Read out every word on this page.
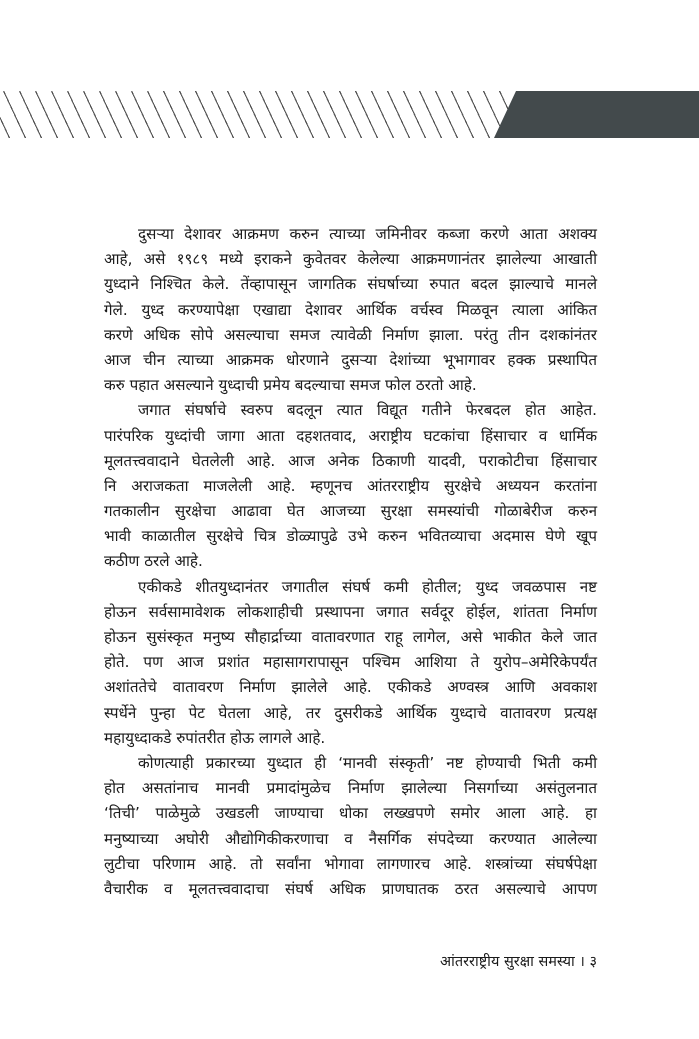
प्रस्तावना
दुसऱ्या देशावर आक्रमण करुन त्याच्या जमिनीवर कब्जा करणे आता अशक्य
आहे, असे १९८९ मध्ये इराकने कुवेतवर केलेल्या आक्रमणानंतर झालेल्या आखाती
युध्दाने निश्चित केले. तेंव्हापासून जागतिक संघर्षाच्या रुपात बदल झाल्याचे मानले
गेले. युध्द करण्यापेक्षा एखाद्या देशावर आर्थिक वर्चस्व मिळवून त्याला आंकित
करणे अधिक सोपे असल्याचा समज त्यावेळी निर्माण झाला. परंतु तीन दशकांनंतर
आज चीन त्याच्या आक्रमक धोरणाने दुसऱ्या देशांच्या भूभागावर हक्क प्रस्थापित
करु पहात असल्याने युध्दाची प्रमेय बदल्याचा समज फोल ठरतो आहे.
जगात संघर्षाचे स्वरुप बदलून त्यात विद्यूत गतीने फेरबदल होत आहेत.
पारंपरिक युध्दांची जागा आता दहशतवाद, अराष्ट्रीय घटकांचा हिंसाचार व धार्मिक
मूलतत्त्ववादाने घेतलेली आहे. आज अनेक ठिकाणी यादवी, पराकोटीचा हिंसाचार
नि अराजकता माजलेली आहे. म्हणूनच आंतरराष्ट्रीय सुरक्षेचे अध्ययन करतांना
गतकालीन सुरक्षेचा आढावा घेत आजच्या सुरक्षा समस्यांची गोळाबेरीज करुन
भावी काळातील सुरक्षेचे चित्र डोळ्यापुढे उभे करुन भवितव्याचा अदमास घेणे खूप
कठीण ठरले आहे.
एकीकडे शीतयुध्दानंतर जगातील संघर्ष कमी होतील; युध्द जवळपास नष्ट
होऊन सर्वसामावेशक लोकशाहीची प्रस्थापना जगात सर्वदूर होईल, शांतता निर्माण
होऊन सुसंस्कृत मनुष्य सौहार्द्राच्या वातावरणात राहू लागेल, असे भाकीत केले जात
होते. पण आज प्रशांत महासागरापासून पश्चिम आशिया ते युरोप–अमेरिकेपर्यंत
अशांततेचे वातावरण निर्माण झालेले आहे. एकीकडे अण्वस्त्र आणि अवकाश
स्पर्धेने पुन्हा पेट घेतला आहे, तर दुसरीकडे आर्थिक युध्दाचे वातावरण प्रत्यक्ष
महायुध्दाकडे रुपांतरीत होऊ लागले आहे.
कोणत्याही प्रकारच्या युध्दात ही ‘मानवी संस्कृती’ नष्ट होण्याची भिती कमी
होत असतांनाच मानवी प्रमादांमुळेच निर्माण झालेल्या निसर्गाच्या असंतुलनात
‘तिची’ पाळेमुळे उखडली जाण्याचा धोका लख्खपणे समोर आला आहे. हा
मनुष्याच्या अघोरी औद्योगिकीकरणाचा व नैसर्गिक संपदेच्या करण्यात आलेल्या
लुटीचा परिणाम आहे. तो सर्वांना भोगावा लागणारच आहे. शस्त्रांच्या संघर्षपेक्षा
वैचारीक व मूलतत्त्ववादाचा संघर्ष अधिक प्राणघातक ठरत असल्याचे आपण
आंतरराष्ट्रीय सुरक्षा समस्या । ३
